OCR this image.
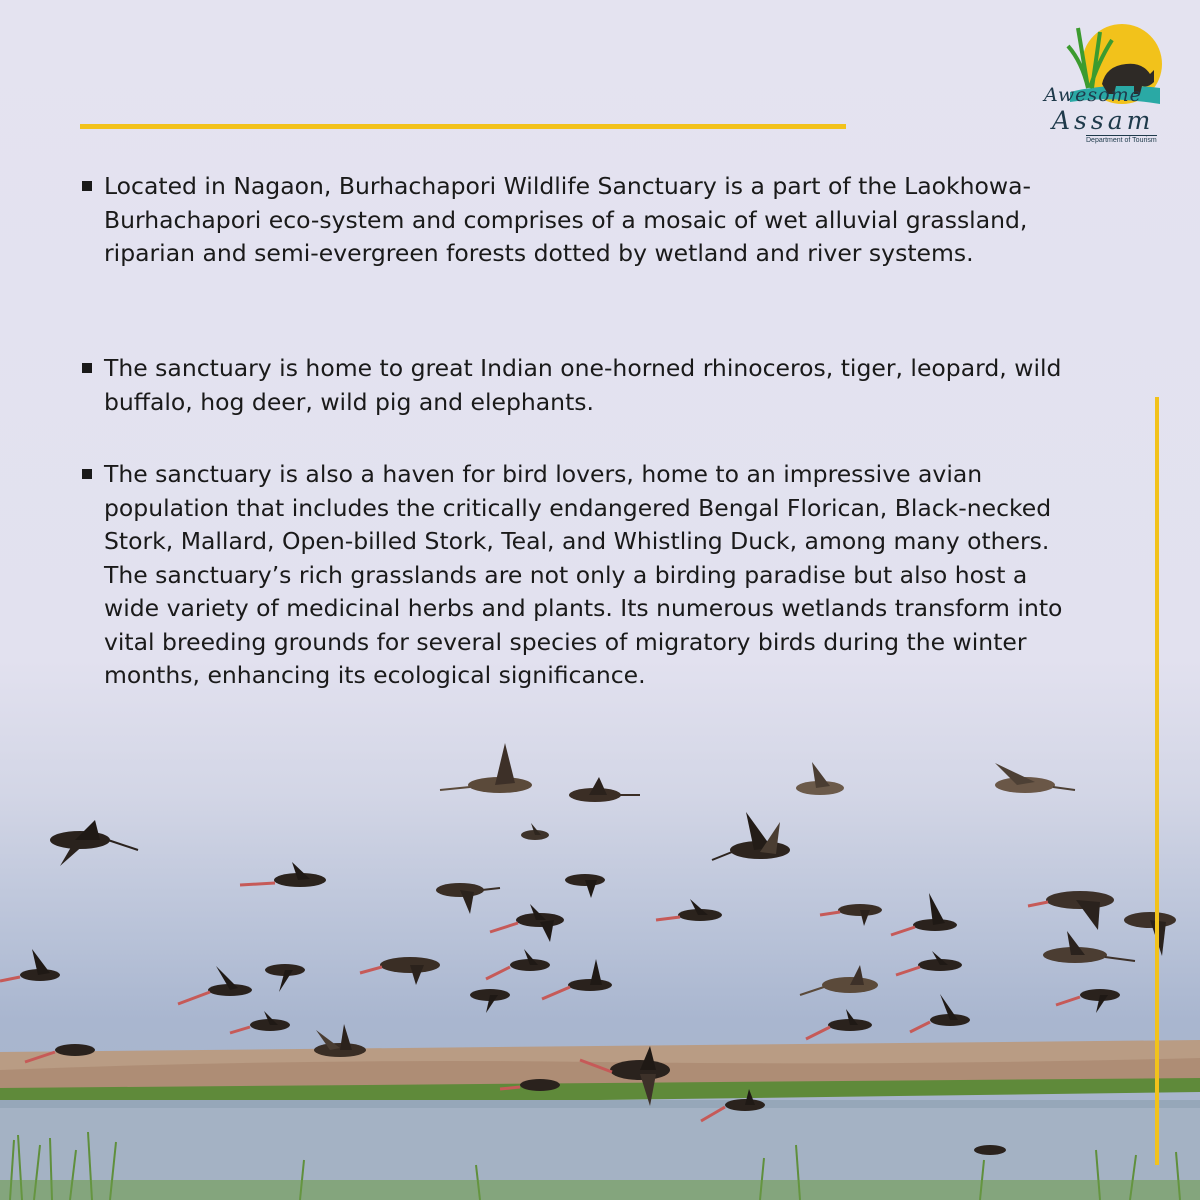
Awesome
Assam
Department of Tourism

Located in Nagaon, Burhachapori Wildlife Sanctuary is a part of the Laokhowa-Burhachapori eco-system and comprises of a mosaic of wet alluvial grassland, riparian and semi-evergreen forests dotted by wetland and river systems.

The sanctuary is home to great Indian one-horned rhinoceros, tiger, leopard, wild buffalo, hog deer, wild pig and elephants.

The sanctuary is also a haven for bird lovers, home to an impressive avian population that includes the critically endangered Bengal Florican, Black-necked Stork, Mallard, Open-billed Stork, Teal, and Whistling Duck, among many others. The sanctuary’s rich grasslands are not only a birding paradise but also host a wide variety of medicinal herbs and plants. Its numerous wetlands transform into vital breeding grounds for several species of migratory birds during the winter months, enhancing its ecological significance.
